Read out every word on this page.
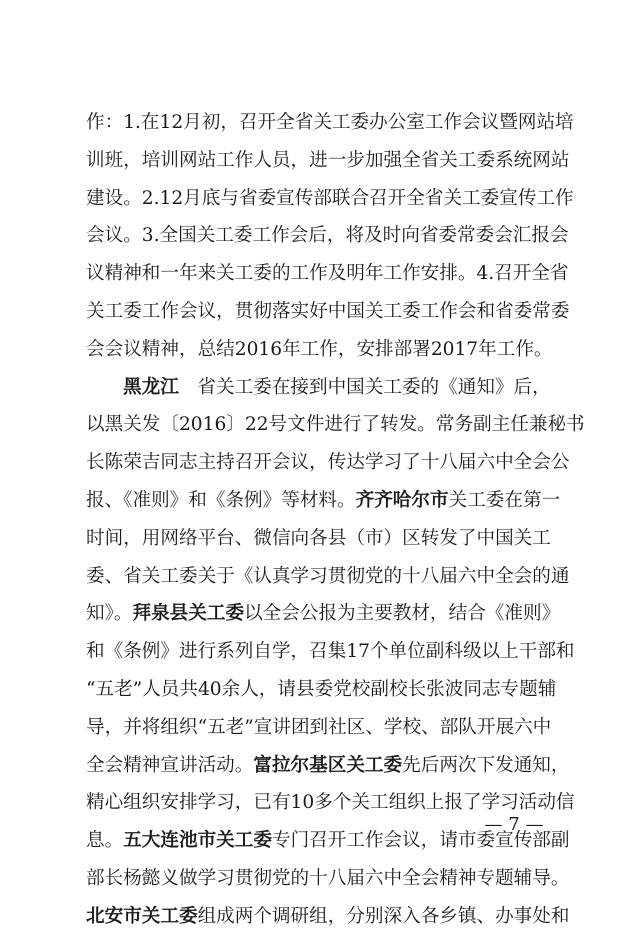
作：1.在12月初，召开全省关工委办公室工作会议暨网站培
训班，培训网站工作人员，进一步加强全省关工委系统网站
建设。2.12月底与省委宣传部联合召开全省关工委宣传工作
会议。3.全国关工委工作会后，将及时向省委常委会汇报会
议精神和一年来关工委的工作及明年工作安排。4.召开全省
关工委工作会议，贯彻落实好中国关工委工作会和省委常委
会会议精神，总结2016年工作，安排部署2017年工作。
黑龙江　 省关工委在接到中国关工委的《通知》后，
以黑关发〔2016〕22号文件进行了转发。常务副主任兼秘书
长陈荣吉同志主持召开会议，传达学习了十八届六中全会公
报、《准则》和《条例》等材料。齐齐哈尔市关工委在第一
时间，用网络平台、微信向各县（市）区转发了中国关工
委、省关工委关于《认真学习贯彻党的十八届六中全会的通
知》。拜泉县关工委以全会公报为主要教材，结合《准则》
和《条例》进行系列自学，召集17个单位副科级以上干部和
“五老”人员共40余人，请县委党校副校长张波同志专题辅
导，并将组织“五老”宣讲团到社区、学校、部队开展六中
全会精神宣讲活动。富拉尔基区关工委先后两次下发通知，
精心组织安排学习，已有10多个关工组织上报了学习活动信
息。五大连池市关工委专门召开工作会议，请市委宣传部副
部长杨懿义做学习贯彻党的十八届六中全会精神专题辅导。
北安市关工委组成两个调研组，分别深入各乡镇、办事处和
— 7 —
